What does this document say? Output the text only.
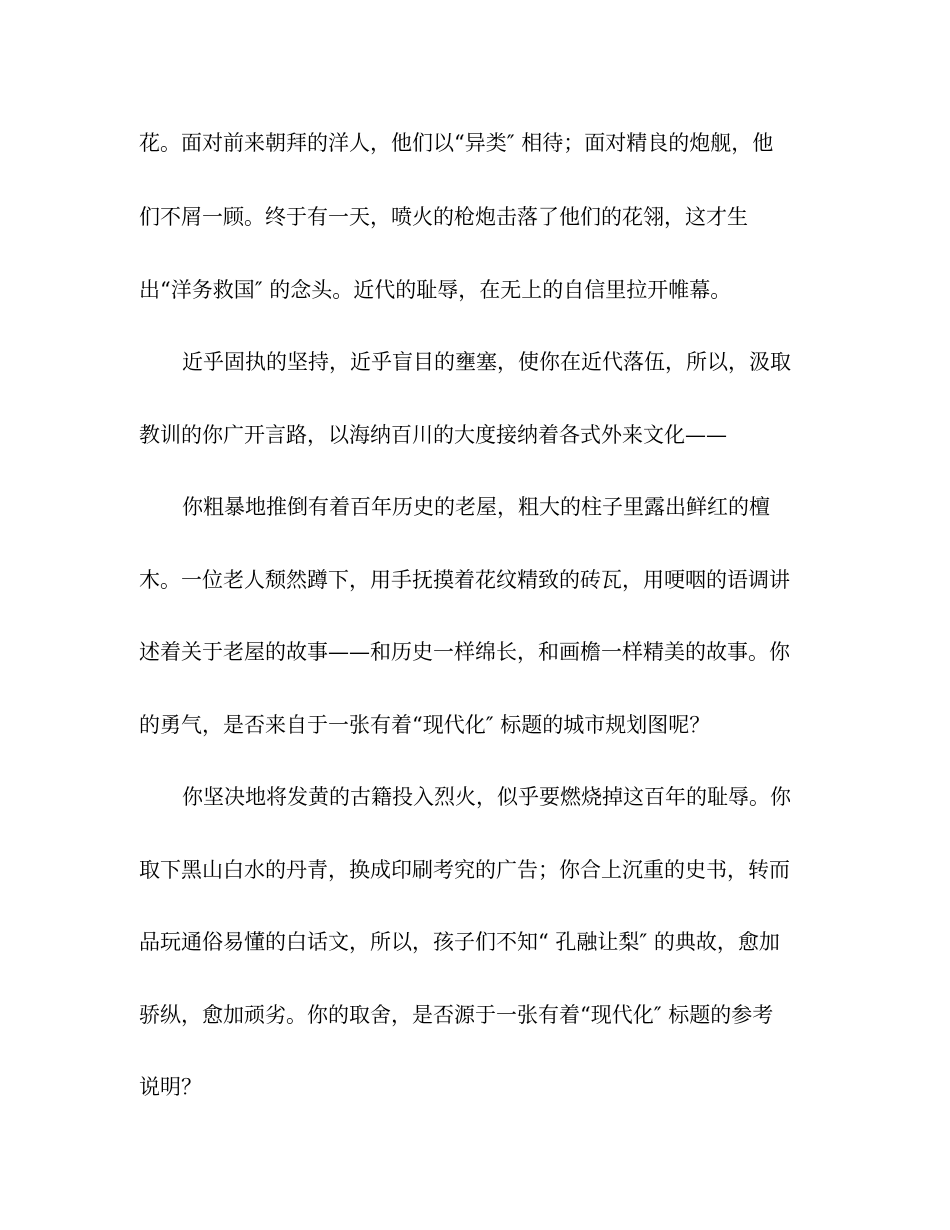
花。面对前来朝拜的洋人，他们以“异类″ 相待；面对精良的炮舰，他
们不屑一顾。终于有一天，喷火的枪炮击落了他们的花翎，这才生
出“洋务救国″ 的念头。近代的耻辱，在无上的自信里拉开帷幕。
近乎固执的坚持，近乎盲目的壅塞，使你在近代落伍，所以，汲取
教训的你广开言路，以海纳百川的大度接纳着各式外来文化——
你粗暴地推倒有着百年历史的老屋，粗大的柱子里露出鲜红的檀
木。一位老人颓然蹲下，用手抚摸着花纹精致的砖瓦，用哽咽的语调讲
述着关于老屋的故事——和历史一样绵长，和画檐一样精美的故事。你
的勇气，是否来自于一张有着“现代化″ 标题的城市规划图呢？
你坚决地将发黄的古籍投入烈火，似乎要燃烧掉这百年的耻辱。你
取下黑山白水的丹青，换成印刷考究的广告；你合上沉重的史书，转而
品玩通俗易懂的白话文，所以，孩子们不知“ 孔融让梨″ 的典故，愈加
骄纵，愈加顽劣。你的取舍，是否源于一张有着“现代化″ 标题的参考
说明？
